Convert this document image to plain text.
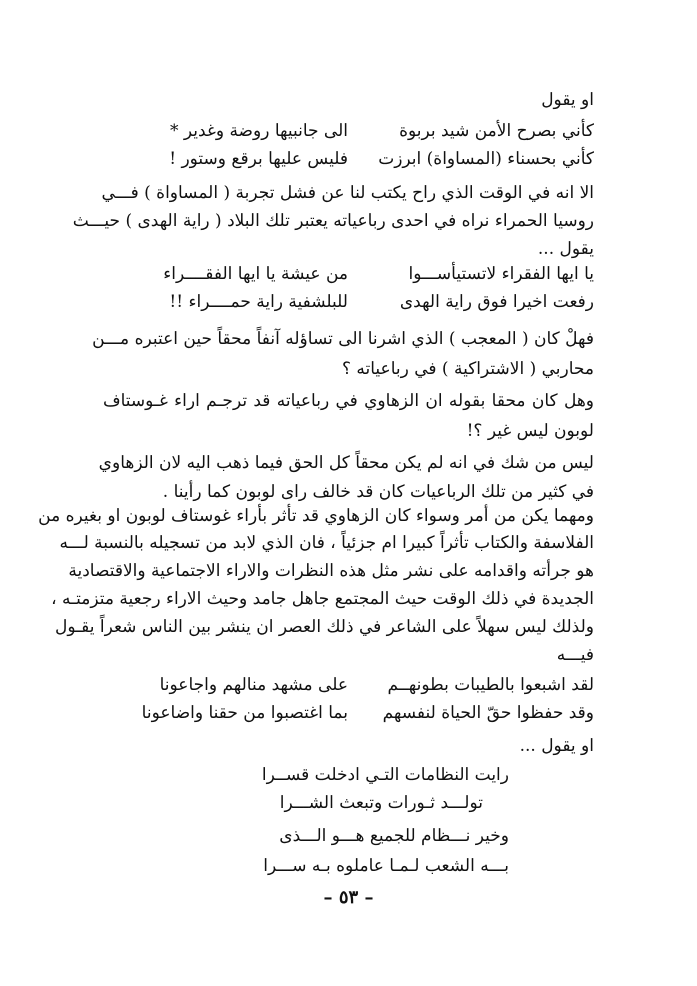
او يقول
كأني بصرح الأمن شيد بربوة
الى جانبيها روضة وغدير *
كأني بحسناء (المساواة) ابرزت
فليس عليها برقع وستور !
الا انه في الوقت الذي راح يكتب لنا عن فشل تجربة ( المساواة ) فـــي
روسيا الحمراء نراه في احدى رباعياته يعتبر تلك البلاد ( راية الهدى ) حيـــث
يقول ...
يا ايها الفقراء لاتستيأســـوا
من عيشة يا ايها الفقــــراء
رفعت اخيرا فوق راية الهدى
للبلشفية راية حمــــراء !!
فهلْ كان ( المعجب ) الذي اشرنا الى تساؤله آنفاً محقاً حين اعتبره مـــن
محاربي ( الاشتراكية ) في رباعياته ؟
وهل كان محقا بقوله ان الزهاوي في رباعياته قد ترجـم اراء غـوستاف
لوبون ليس غير ؟!
ليس من شك في انه لم يكن محقاً كل الحق فيما ذهب اليه لان الزهاوي
في كثير من تلك الرباعيات كان قد خالف راى لوبون كما رأينا .
ومهما يكن من أمر وسواء كان الزهاوي قد تأثر بأراء غوستاف لوبون او بغيره من
الفلاسفة والكتاب تأثراً كبيرا ام جزئياً ، فان الذي لابد من تسجيله بالنسبة لـــه
هو جرأته واقدامه على نشر مثل هذه النظرات والاراء الاجتماعية والاقتصادية
الجديدة في ذلك الوقت حيث المجتمع جاهل جامد وحيث الاراء رجعية متزمتـه ،
ولذلك ليس سهلاً على الشاعر في ذلك العصر ان ينشر بين الناس شعراً يقـول
فيـــه
لقد اشبعوا بالطيبات بطونهــم
على مشهد منالهم واجاعونا
وقد حفظوا حقّ الحياة لنفسهم
بما اغتصبوا من حقنا واضاعونا
او يقول ...
رايت النظامات التـي ادخلت قســرا
تولـــد ثـورات وتبعث الشـــرا
وخير نـــظام للجميع هـــو الـــذى
بـــه الشعب لـمـا عاملوه بـه ســـرا
– ٥٣ –
